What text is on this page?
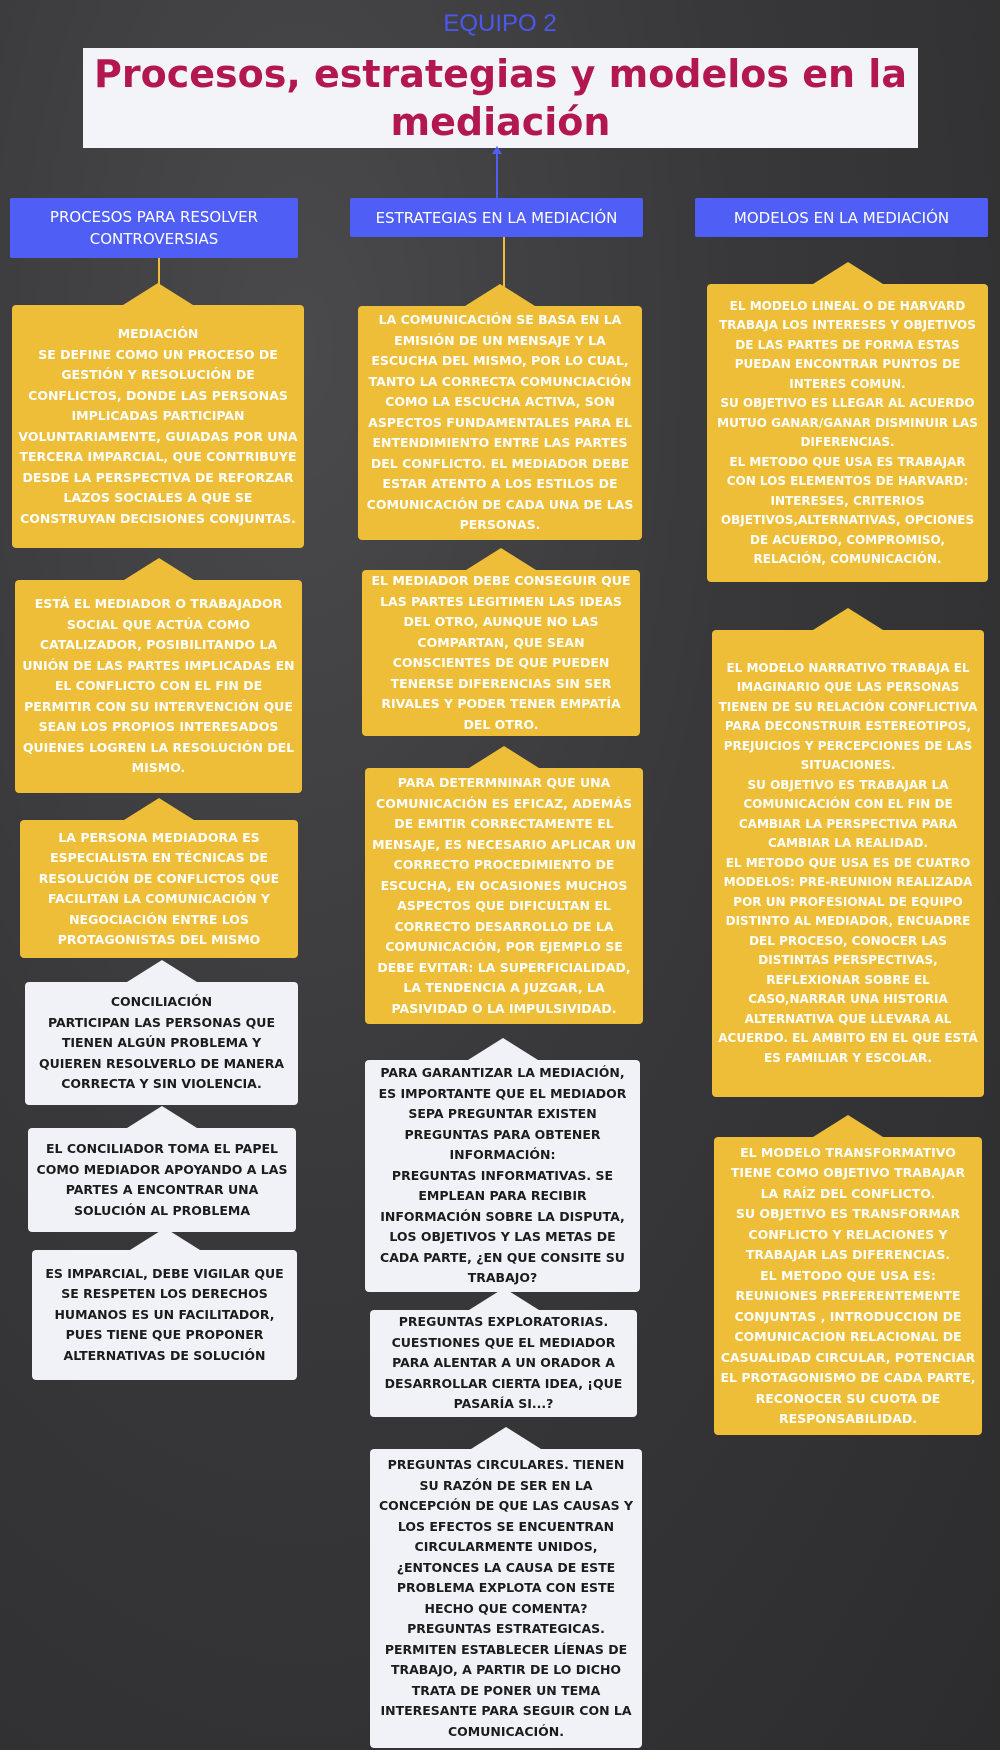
EQUIPO 2
Procesos, estrategias y modelos en la mediación
PROCESOS PARA RESOLVER CONTROVERSIAS
ESTRATEGIAS EN LA MEDIACIÓN	MODELOS EN LA MEDIACIÓN
MEDIACIÓN
SE DEFINE COMO UN PROCESO DE GESTIÓN Y RESOLUCIÓN DE CONFLICTOS, DONDE LAS PERSONAS IMPLICADAS PARTICIPAN VOLUNTARIAMENTE, GUIADAS POR UNA TERCERA IMPARCIAL, QUE CONTRIBUYE DESDE LA PERSPECTIVA DE REFORZAR LAZOS SOCIALES A QUE SE CONSTRUYAN DECISIONES CONJUNTAS.
ESTÁ EL MEDIADOR O TRABAJADOR SOCIAL QUE ACTÚA COMO CATALIZADOR, POSIBILITANDO LA UNIÓN DE LAS PARTES IMPLICADAS EN EL CONFLICTO CON EL FIN DE PERMITIR CON SU INTERVENCIÓN QUE SEAN LOS PROPIOS INTERESADOS QUIENES LOGREN LA RESOLUCIÓN DEL MISMO.
LA PERSONA MEDIADORA ES ESPECIALISTA EN TÉCNICAS DE RESOLUCIÓN DE CONFLICTOS QUE FACILITAN LA COMUNICACIÓN Y NEGOCIACIÓN ENTRE LOS PROTAGONISTAS DEL MISMO
CONCILIACIÓN
PARTICIPAN LAS PERSONAS QUE TIENEN ALGÚN PROBLEMA Y QUIEREN RESOLVERLO DE MANERA CORRECTA Y SIN VIOLENCIA.
EL CONCILIADOR TOMA EL PAPEL COMO MEDIADOR APOYANDO A LAS PARTES A ENCONTRAR UNA SOLUCIÓN AL PROBLEMA
ES IMPARCIAL, DEBE VIGILAR QUE SE RESPETEN LOS DERECHOS HUMANOS ES UN FACILITADOR, PUES TIENE QUE PROPONER ALTERNATIVAS DE SOLUCIÓN
LA COMUNICACIÓN SE BASA EN LA EMISIÓN DE UN MENSAJE Y LA ESCUCHA DEL MISMO, POR LO CUAL, TANTO LA CORRECTA COMUNCIACIÓN COMO LA ESCUCHA ACTIVA, SON ASPECTOS FUNDAMENTALES PARA EL ENTENDIMIENTO ENTRE LAS PARTES DEL CONFLICTO. EL MEDIADOR DEBE ESTAR ATENTO A LOS ESTILOS DE COMUNICACIÓN DE CADA UNA DE LAS PERSONAS.
EL MEDIADOR DEBE CONSEGUIR QUE LAS PARTES LEGITIMEN LAS IDEAS DEL OTRO, AUNQUE NO LAS COMPARTAN, QUE SEAN CONSCIENTES DE QUE PUEDEN TENERSE DIFERENCIAS SIN SER RIVALES Y PODER TENER EMPATÍA DEL OTRO.
PARA DETERMNINAR QUE UNA COMUNICACIÓN ES EFICAZ, ADEMÁS DE EMITIR CORRECTAMENTE EL MENSAJE, ES NECESARIO APLICAR UN CORRECTO PROCEDIMIENTO DE ESCUCHA, EN OCASIONES MUCHOS ASPECTOS QUE DIFICULTAN EL CORRECTO DESARROLLO DE LA COMUNICACIÓN, POR EJEMPLO SE DEBE EVITAR: LA SUPERFICIALIDAD, LA TENDENCIA A JUZGAR, LA PASIVIDAD O LA IMPULSIVIDAD.
PARA GARANTIZAR LA MEDIACIÓN, ES IMPORTANTE QUE EL MEDIADOR SEPA PREGUNTAR EXISTEN PREGUNTAS PARA OBTENER INFORMACIÓN:
PREGUNTAS INFORMATIVAS. SE EMPLEAN PARA RECIBIR INFORMACIÓN SOBRE LA DISPUTA, LOS OBJETIVOS Y LAS METAS DE CADA PARTE, ¿EN QUE CONSITE SU TRABAJO?
PREGUNTAS EXPLORATORIAS. CUESTIONES QUE EL MEDIADOR PARA ALENTAR A UN ORADOR A DESARROLLAR CIERTA IDEA, ¡QUE PASARÍA SI...?
PREGUNTAS CIRCULARES. TIENEN SU RAZÓN DE SER EN LA CONCEPCIÓN DE QUE LAS CAUSAS Y LOS EFECTOS SE ENCUENTRAN CIRCULARMENTE UNIDOS, ¿ENTONCES LA CAUSA DE ESTE PROBLEMA EXPLOTA CON ESTE HECHO QUE COMENTA?
PREGUNTAS ESTRATEGICAS. PERMITEN ESTABLECER LÍENAS DE TRABAJO, A PARTIR DE LO DICHO TRATA DE PONER UN TEMA INTERESANTE PARA SEGUIR CON LA COMUNICACIÓN.
EL MODELO LINEAL O DE HARVARD TRABAJA LOS INTERESES Y OBJETIVOS DE LAS PARTES DE FORMA ESTAS PUEDAN ENCONTRAR PUNTOS DE INTERES COMUN.
SU OBJETIVO ES LLEGAR AL ACUERDO MUTUO GANAR/GANAR DISMINUIR LAS DIFERENCIAS.
EL METODO QUE USA ES TRABAJAR CON LOS ELEMENTOS DE HARVARD: INTERESES, CRITERIOS OBJETIVOS,ALTERNATIVAS, OPCIONES DE ACUERDO, COMPROMISO, RELACIÓN, COMUNICACIÓN.
EL MODELO NARRATIVO TRABAJA EL IMAGINARIO QUE LAS PERSONAS TIENEN DE SU RELACIÓN CONFLICTIVA PARA DECONSTRUIR ESTEREOTIPOS, PREJUICIOS Y PERCEPCIONES DE LAS SITUACIONES.
SU OBJETIVO ES TRABAJAR LA COMUNICACIÓN CON EL FIN DE CAMBIAR LA PERSPECTIVA PARA CAMBIAR LA REALIDAD.
EL METODO QUE USA ES DE CUATRO MODELOS: PRE-REUNION REALIZADA POR UN PROFESIONAL DE EQUIPO DISTINTO AL MEDIADOR, ENCUADRE DEL PROCESO, CONOCER LAS DISTINTAS PERSPECTIVAS, REFLEXIONAR SOBRE EL CASO,NARRAR UNA HISTORIA ALTERNATIVA QUE LLEVARA AL ACUERDO. EL AMBITO EN EL QUE ESTÁ ES FAMILIAR Y ESCOLAR.
EL MODELO TRANSFORMATIVO TIENE COMO OBJETIVO TRABAJAR LA RAÍZ DEL CONFLICTO.
SU OBJETIVO ES TRANSFORMAR CONFLICTO Y RELACIONES Y TRABAJAR LAS DIFERENCIAS.
EL METODO QUE USA ES: REUNIONES PREFERENTEMENTE CONJUNTAS , INTRODUCCION DE COMUNICACION RELACIONAL DE CASUALIDAD CIRCULAR, POTENCIAR EL PROTAGONISMO DE CADA PARTE, RECONOCER SU CUOTA DE RESPONSABILIDAD.
